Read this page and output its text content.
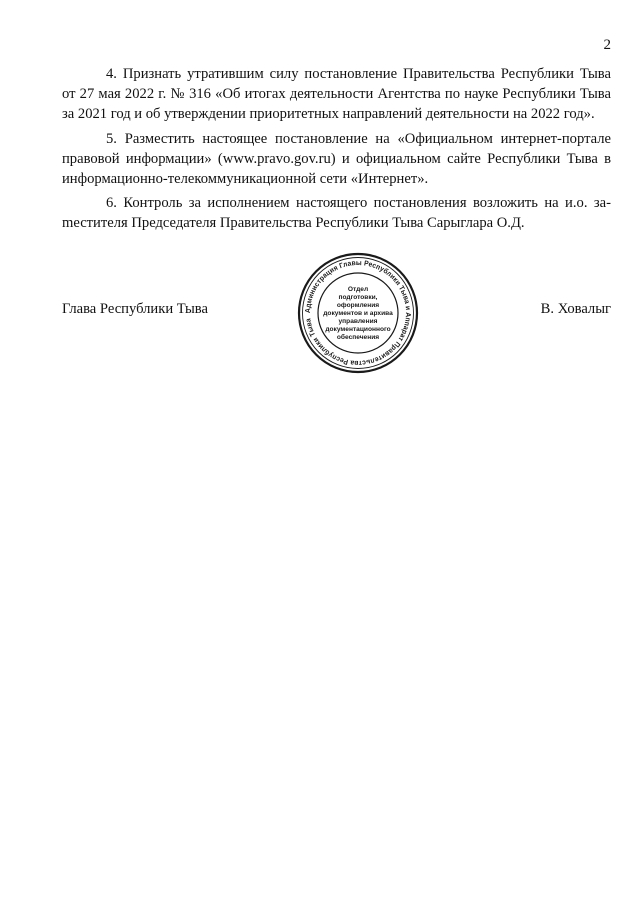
2

4. Признать утратившим силу постановление Правительства Республики Тыва от 27 мая 2022 г. № 316 «Об итогах деятельности Агентства по науке Республики Тыва за 2021 год и об утверждении приоритетных направлений деятельности на 2022 год».

5. Разместить настоящее постановление на «Официальном интернет-портале правовой информации» (www.pravo.gov.ru) и официальном сайте Республики Тыва в информационно-телекоммуникационной сети «Интернет».

6. Контроль за исполнением настоящего постановления возложить на и.о. заmестителя Председателя Правительства Республики Тыва Сарыглара О.Д.

Глава Республики Тыва	Администрация Главы Республики Тыва и Аппарат Правительства Республики Тыва
Отдел
подготовки,
оформления
документов и архива
управления
документационного
обеспечения
В. Ховалыг
